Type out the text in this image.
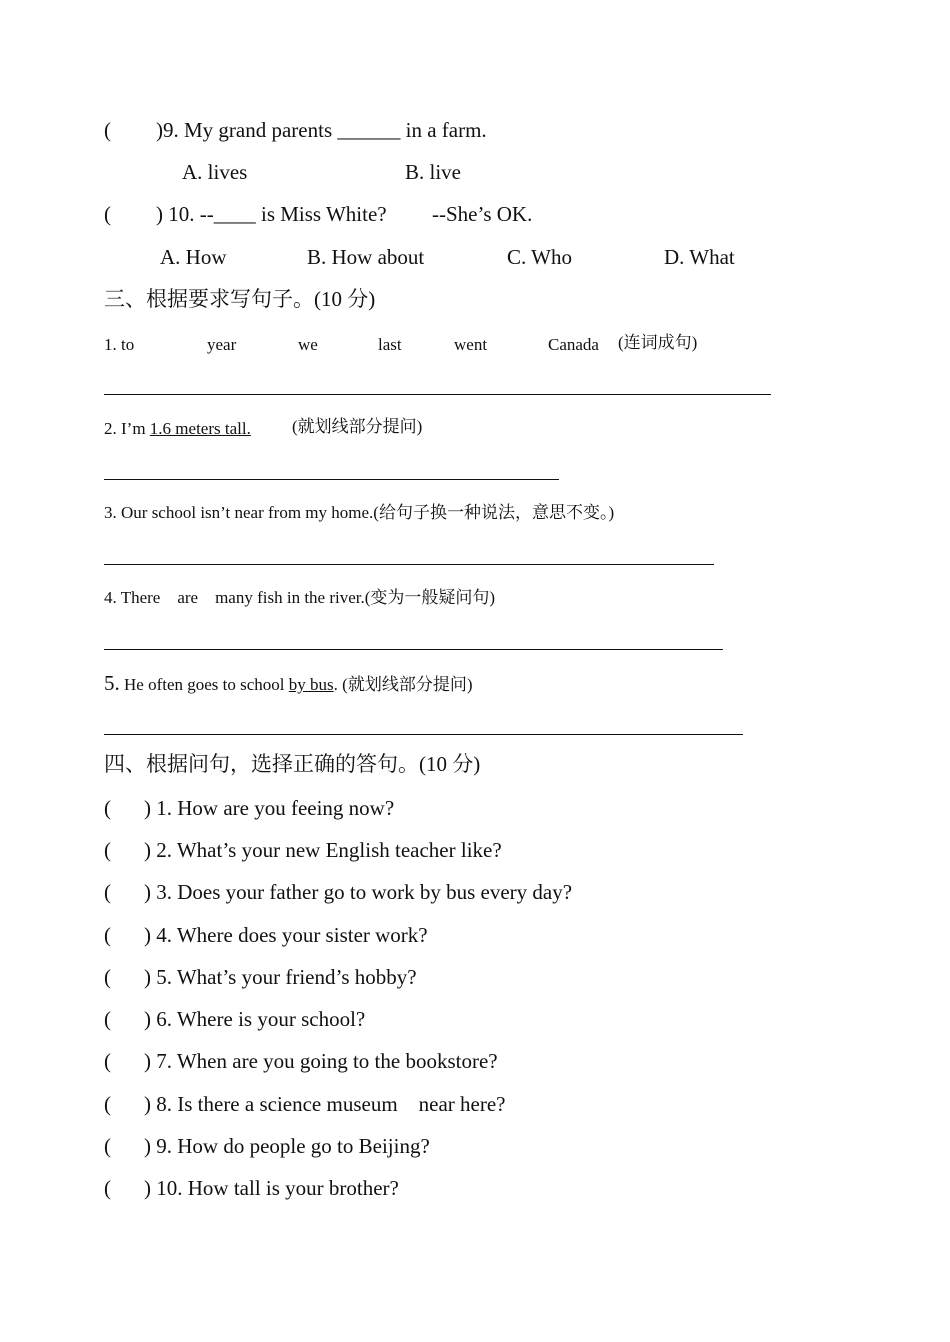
( )9. My grand parents ______ in a farm.
A. lives	B. live
( ) 10. --____ is Miss White? --She’s OK.
A. How	B. How about	C. Who	D. What
三、根据要求写句子。(10 分)
1. to	year	we	last	went	Canada (连词成句)
2. I’m 1.6 meters tall. (就划线部分提问)
3. Our school isn’t near from my home.(给句子换一种说法，意思不变。)
4. There    are    many fish in the river.(变为一般疑问句)
5. He often goes to school by bus. (就划线部分提问)
四、根据问句，选择正确的答句。(10 分)
( ) 1. How are you feeing now?
( ) 2. What’s your new English teacher like?
( ) 3. Does your father go to work by bus every day?
( ) 4. Where does your sister work?
( ) 5. What’s your friend’s hobby?
( ) 6. Where is your school?
( ) 7. When are you going to the bookstore?
( ) 8. Is there a science museum    near here?
( ) 9. How do people go to Beijing?
( ) 10. How tall is your brother?
